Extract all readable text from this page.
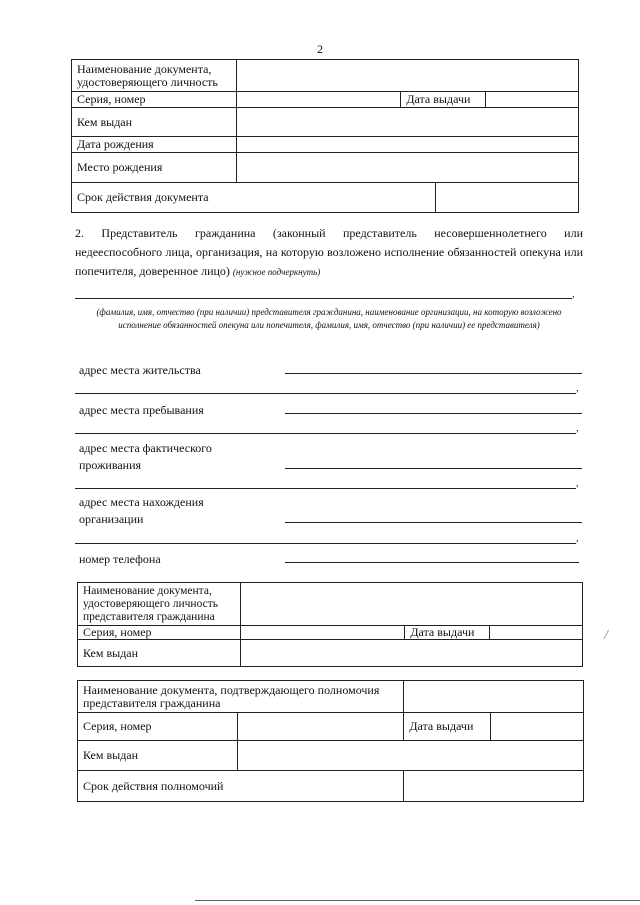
2
Наименование документа, удостоверяющего личность			
Серия, номер		Дата выдачи	
Кем выдан			
Дата рождения			
Место рождения			
Срок действия документа	
2. Представитель гражданина (законный представитель несовершеннолетнего или недееспособного лица, организация, на которую возложено исполнение обязанностей опекуна или попечителя, доверенное лицо) (нужное подчеркнуть)
,
(фамилия, имя, отчество (при наличии) представителя гражданина, наименование организации, на которую возложено исполнение обязанностей опекуна или попечителя, фамилия, имя, отчество (при наличии) ее представителя)
адрес места жительства
,
адрес места пребывания
,
адрес места фактического
проживания
,
адрес места нахождения
организации
,
номер телефона
Наименование документа, удостоверяющего личность представителя гражданина			
Серия, номер		Дата выдачи	
Кем выдан			
Наименование документа, подтверждающего полномочия представителя гражданина			
Серия, номер		Дата выдачи	
Кем выдан			
Срок действия полномочий			
/
